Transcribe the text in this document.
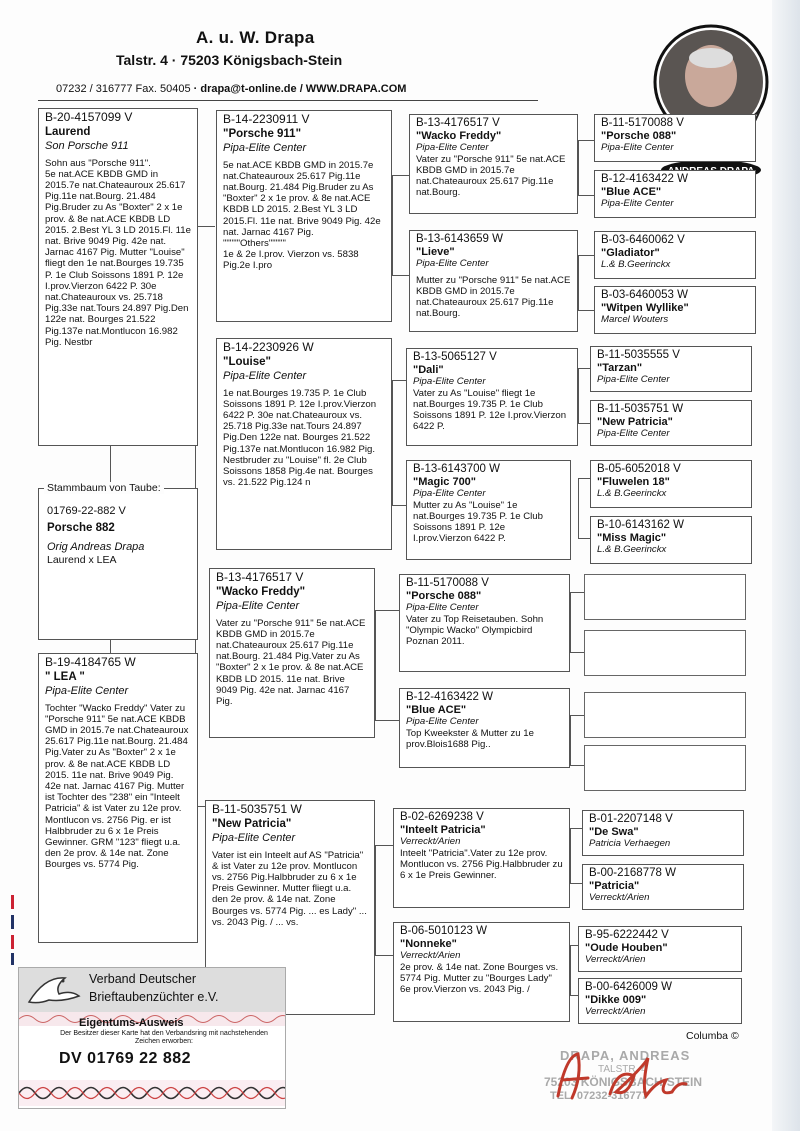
A. u. W. Drapa
Talstr. 4 · 75203 Königsbach-Stein
07232 / 316777 Fax. 50405 · drapa@t-online.de / WWW.DRAPA.COM
B-20-4157099 V
Laurend
Son Porsche 911
Sohn aus "Porsche 911".
5e nat.ACE KBDB GMD in 2015.7e nat.Chateauroux 25.617 Pig.11e nat.Bourg. 21.484 Pig.Bruder zu As "Boxter" 2 x 1e prov. & 8e nat.ACE KBDB LD 2015. 2.Best YL 3 LD 2015.Fl. 11e nat. Brive 9049 Pig. 42e nat. Jarnac 4167 Pig. Mutter "Louise" fliegt den 1e nat.Bourges 19.735 P. 1e Club Soissons 1891 P. 12e I.prov.Vierzon 6422 P. 30e nat.Chateauroux vs. 25.718 Pig.33e nat.Tours 24.897 Pig.Den 122e nat. Bourges 21.522 Pig.137e nat.Montlucon 16.982 Pig. Nestbr
01769-22-882 V
Porsche 882
Orig Andreas Drapa
Laurend x LEA
Stammbaum von Taube:
B-19-4184765 W
" LEA "
Pipa-Elite Center
Tochter "Wacko Freddy" Vater zu "Porsche 911" 5e nat.ACE KBDB GMD in 2015.7e nat.Chateauroux 25.617 Pig.11e nat.Bourg. 21.484 Pig.Vater zu As "Boxter" 2 x 1e prov. & 8e nat.ACE KBDB LD 2015. 11e nat. Brive 9049 Pig. 42e nat. Jarnac 4167 Pig. Mutter ist Tochter des "238" ein "Inteelt Patricia" & ist Vater zu 12e prov. Montlucon vs. 2756 Pig. er ist Halbbruder zu 6 x 1e Preis Gewinner. GRM "123" fliegt u.a. den 2e prov. & 14e nat. Zone Bourges vs. 5774 Pig.
B-14-2230911 V
"Porsche 911"
Pipa-Elite Center
5e nat.ACE KBDB GMD in 2015.7e nat.Chateauroux 25.617 Pig.11e nat.Bourg. 21.484 Pig.Bruder zu As "Boxter" 2 x 1e prov. & 8e nat.ACE KBDB LD 2015. 2.Best YL 3 LD 2015.Fl. 11e nat. Brive 9049 Pig. 42e nat. Jarnac 4167 Pig.
"""""Others"""""
1e & 2e I.prov. Vierzon vs. 5838 Pig.2e I.pro
B-14-2230926 W
"Louise"
Pipa-Elite Center
1e nat.Bourges 19.735 P. 1e Club Soissons 1891 P. 12e I.prov.Vierzon 6422 P. 30e nat.Chateauroux vs. 25.718 Pig.33e nat.Tours 24.897 Pig.Den 122e nat. Bourges 21.522 Pig.137e nat.Montlucon 16.982 Pig. Nestbruder zu "Louise" fl. 2e Club Soissons 1858 Pig.4e nat. Bourges vs. 21.522 Pig.124 n
B-13-4176517 V
"Wacko Freddy"
Pipa-Elite Center
Vater zu "Porsche 911" 5e nat.ACE KBDB GMD in 2015.7e nat.Chateauroux 25.617 Pig.11e nat.Bourg. 21.484 Pig.Vater zu As "Boxter" 2 x 1e prov. & 8e nat.ACE KBDB LD 2015. 11e nat. Brive 9049 Pig. 42e nat. Jarnac 4167 Pig.
B-11-5035751 W
"New Patricia"
Pipa-Elite Center
Vater ist ein Inteelt auf AS "Patricia" & ist Vater zu 12e prov. Montlucon vs. 2756 Pig.Halbbruder zu 6 x 1e Preis Gewinner. Mutter fliegt u.a. den 2e prov. & 14e nat. Zone Bourges vs. 5774 Pig. ... es Lady" ... vs. 2043 Pig. / ... vs.
B-13-4176517 V
"Wacko Freddy"
Pipa-Elite Center
Vater zu "Porsche 911" 5e nat.ACE KBDB GMD in 2015.7e nat.Chateauroux 25.617 Pig.11e nat.Bourg.
B-13-6143659 W
"Lieve"
Pipa-Elite Center
Mutter zu "Porsche 911" 5e nat.ACE KBDB GMD in 2015.7e nat.Chateauroux 25.617 Pig.11e nat.Bourg.
B-13-5065127 V
"Dali"
Pipa-Elite Center
Vater zu As "Louise" fliegt 1e nat.Bourges 19.735 P. 1e Club Soissons 1891 P. 12e I.prov.Vierzon 6422 P.
B-13-6143700 W
"Magic 700"
Pipa-Elite Center
Mutter zu As "Louise" 1e nat.Bourges 19.735 P. 1e Club Soissons 1891 P. 12e I.prov.Vierzon 6422 P.
B-11-5170088 V
"Porsche 088"
Pipa-Elite Center
Vater zu Top Reisetauben. Sohn "Olympic Wacko" Olympicbird Poznan 2011.
B-12-4163422 W
"Blue ACE"
Pipa-Elite Center
Top Kweekster & Mutter zu 1e prov.Blois1688 Pig..
B-02-6269238 V
"Inteelt Patricia"
Verreckt/Arien
Inteelt "Patricia".Vater zu 12e prov. Montlucon vs. 2756 Pig.Halbbruder zu 6 x 1e Preis Gewinner.
B-06-5010123 W
"Nonneke"
Verreckt/Arien
2e prov. & 14e nat. Zone Bourges vs. 5774 Pig. Mutter zu "Bourges Lady" 6e prov.Vierzon vs. 2043 Pig. /
B-11-5170088 V
"Porsche 088"
Pipa-Elite Center
B-12-4163422 W
"Blue ACE"
Pipa-Elite Center
B-03-6460062 V
"Gladiator"
L.& B.Geerinckx
B-03-6460053 W
"Witpen Wyllike"
Marcel Wouters
B-11-5035555 V
"Tarzan"
Pipa-Elite Center
B-11-5035751 W
"New Patricia"
Pipa-Elite Center
B-05-6052018 V
"Fluwelen 18"
L.& B.Geerinckx
B-10-6143162 W
"Miss Magic"
L.& B.Geerinckx
B-01-2207148 V
"De Swa"
Patricia Verhaegen
B-00-2168778 W
"Patricia"
Verreckt/Arien
B-95-6222442 V
"Oude Houben"
Verreckt/Arien
B-00-6426009 W
"Dikke 009"
Verreckt/Arien
Verband Deutscher
Brieftaubenzüchter e.V.
Eigentums-Ausweis
Der Besitzer dieser Karte hat den Verbandsring mit nachstehenden Zeichen erworben:
DV 01769 22 882
Columba ©
DRAPA, ANDREAS
TALSTR. 4
75203 KÖNIGSBACH-STEIN
TEL. 07232-316777
